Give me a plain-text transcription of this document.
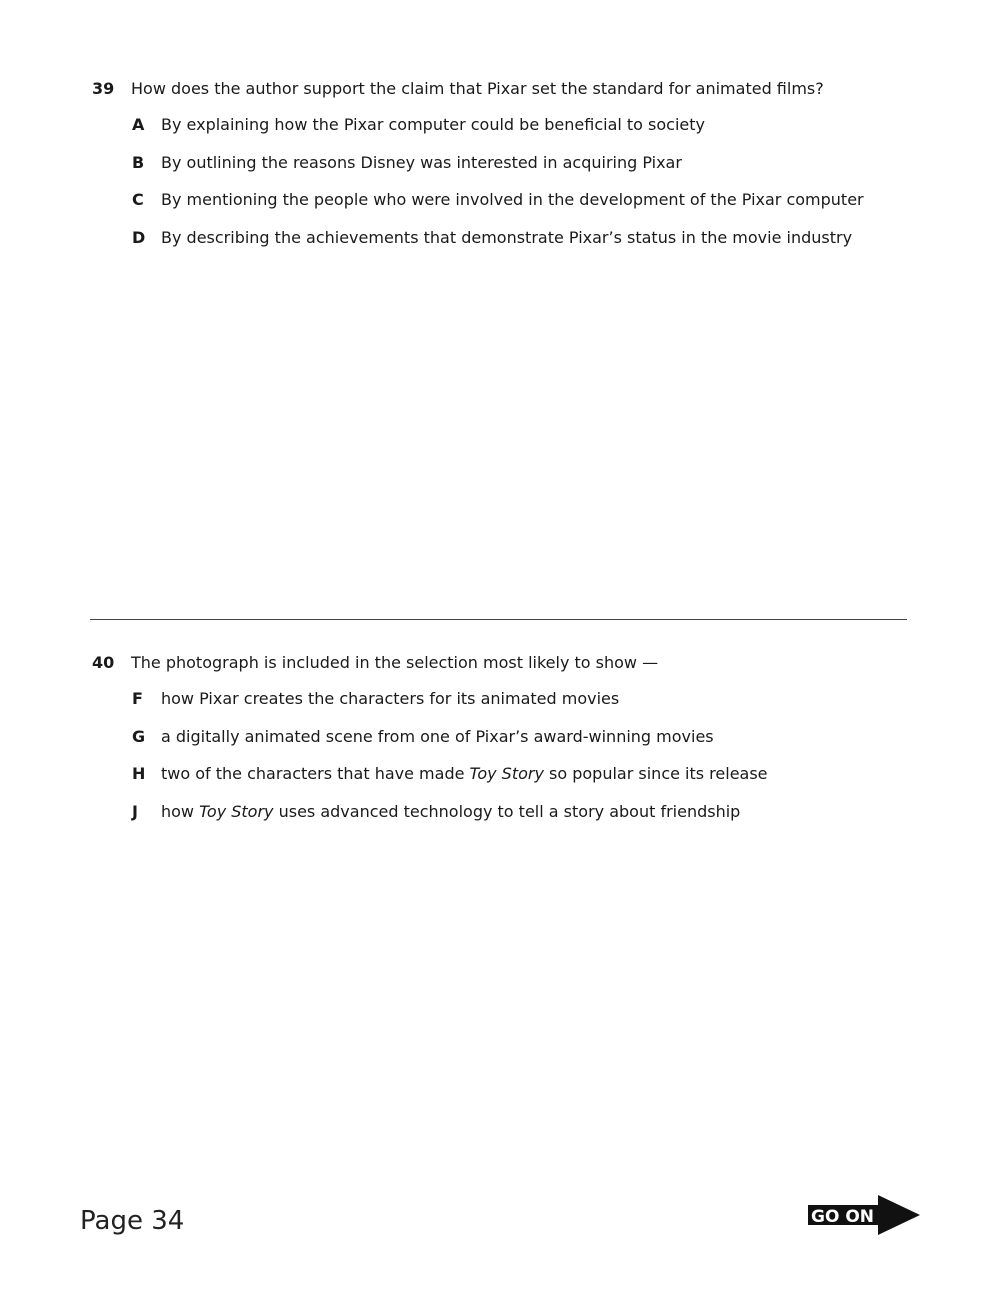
39	How does the author support the claim that Pixar set the standard for animated films?
A	By explaining how the Pixar computer could be beneficial to society
B	By outlining the reasons Disney was interested in acquiring Pixar
C	By mentioning the people who were involved in the development of the Pixar computer
D By describing the achievements that demonstrate Pixar’s status in the movie industry
40	The photograph is included in the selection most likely to show —
F	how Pixar creates the characters for its animated movies
G a digitally animated scene from one of Pixar’s award-winning movies
H two of the characters that have made Toy Story so popular since its release
J	how Toy Story uses advanced technology to tell a story about friendship
Page 34	GO ON
